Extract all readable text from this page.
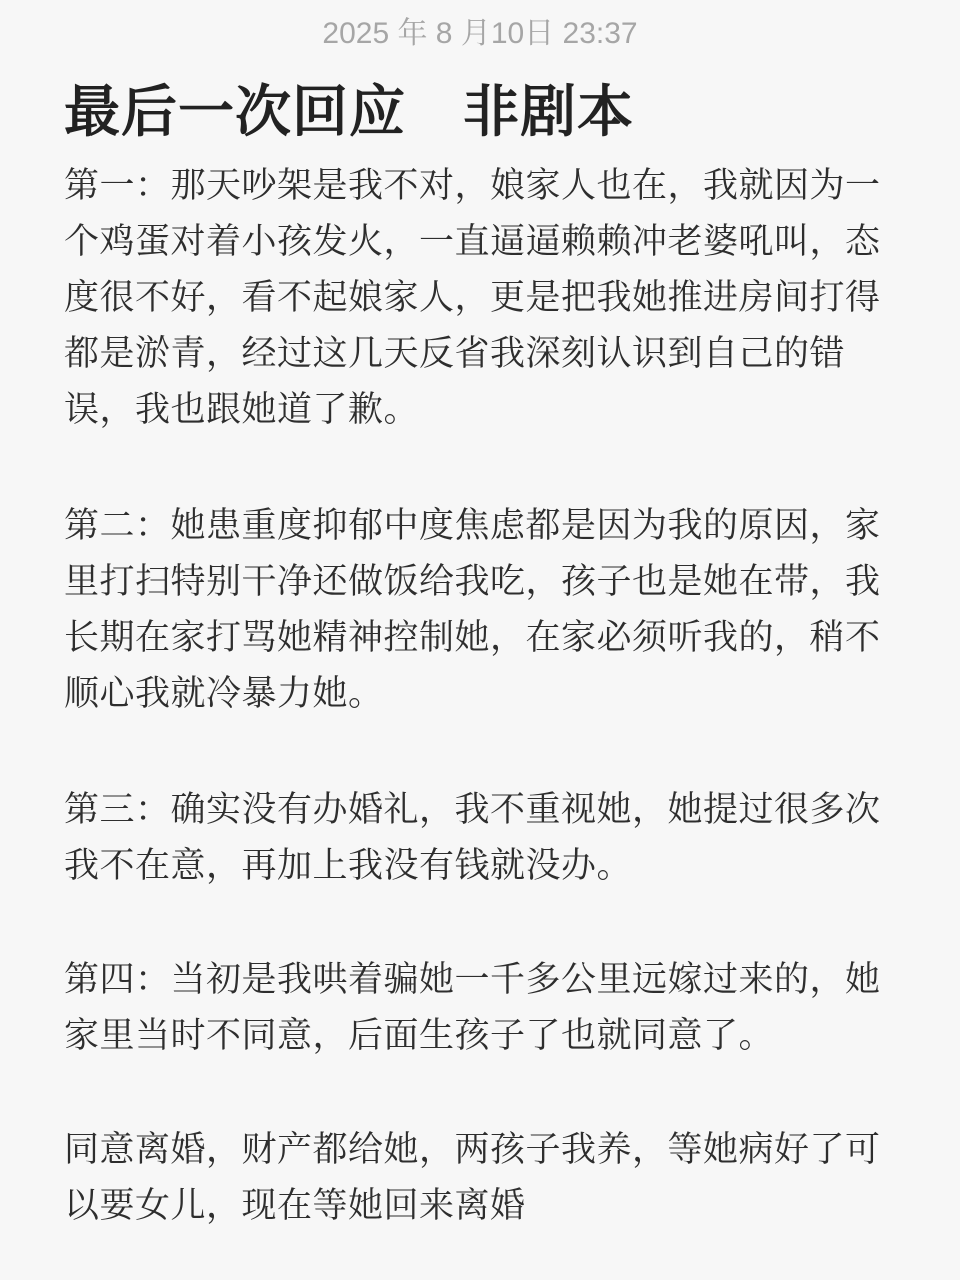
2025 年 8 月10日 23:37
最后一次回应　非剧本
第一：那天吵架是我不对，娘家人也在，我就因为一个鸡蛋对着小孩发火，一直逼逼赖赖冲老婆吼叫，态度很不好，看不起娘家人，更是把我她推进房间打得都是淤青，经过这几天反省我深刻认识到自己的错误，我也跟她道了歉。
第二：她患重度抑郁中度焦虑都是因为我的原因，家里打扫特别干净还做饭给我吃，孩子也是她在带，我长期在家打骂她精神控制她，在家必须听我的，稍不顺心我就冷暴力她。
第三：确实没有办婚礼，我不重视她，她提过很多次我不在意，再加上我没有钱就没办。
第四：当初是我哄着骗她一千多公里远嫁过来的，她家里当时不同意，后面生孩子了也就同意了。
同意离婚，财产都给她，两孩子我养，等她病好了可以要女儿，现在等她回来离婚
